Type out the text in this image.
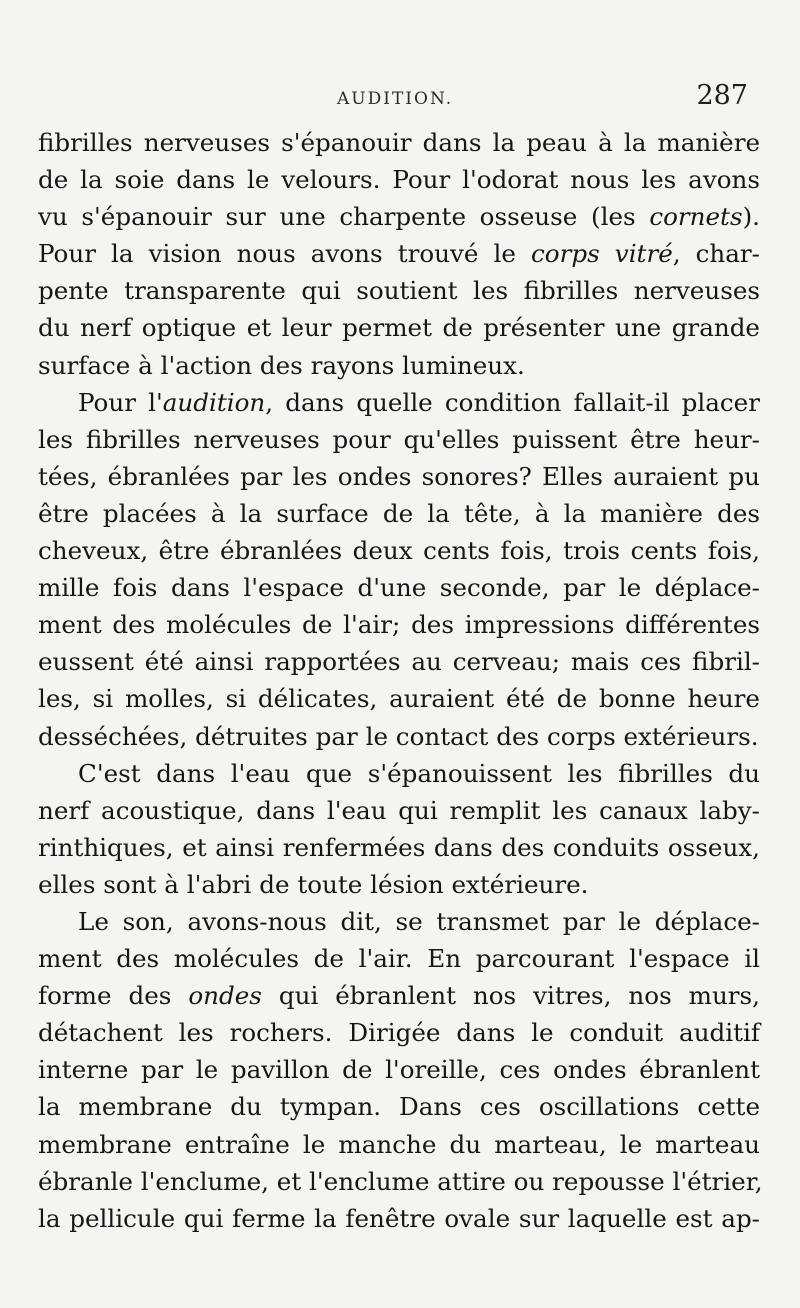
AUDITION.	287

fibrilles nerveuses s'épanouir dans la peau à la manière
de la soie dans le velours. Pour l'odorat nous les avons
vu s'épanouir sur une charpente osseuse (les cornets).
Pour la vision nous avons trouvé le corps vitré, char-
pente transparente qui soutient les fibrilles nerveuses
du nerf optique et leur permet de présenter une grande
surface à l'action des rayons lumineux.

Pour l'audition, dans quelle condition fallait-il placer
les fibrilles nerveuses pour qu'elles puissent être heur-
tées, ébranlées par les ondes sonores? Elles auraient pu
être placées à la surface de la tête, à la manière des
cheveux, être ébranlées deux cents fois, trois cents fois,
mille fois dans l'espace d'une seconde, par le déplace-
ment des molécules de l'air; des impressions différentes
eussent été ainsi rapportées au cerveau; mais ces fibril-
les, si molles, si délicates, auraient été de bonne heure
desséchées, détruites par le contact des corps extérieurs.

C'est dans l'eau que s'épanouissent les fibrilles du
nerf acoustique, dans l'eau qui remplit les canaux laby-
rinthiques, et ainsi renfermées dans des conduits osseux,
elles sont à l'abri de toute lésion extérieure.

Le son, avons-nous dit, se transmet par le déplace-
ment des molécules de l'air. En parcourant l'espace il
forme des ondes qui ébranlent nos vitres, nos murs,
détachent les rochers. Dirigée dans le conduit auditif
interne par le pavillon de l'oreille, ces ondes ébranlent
la membrane du tympan. Dans ces oscillations cette
membrane entraîne le manche du marteau, le marteau
ébranle l'enclume, et l'enclume attire ou repousse l'étrier,
la pellicule qui ferme la fenêtre ovale sur laquelle est ap-
